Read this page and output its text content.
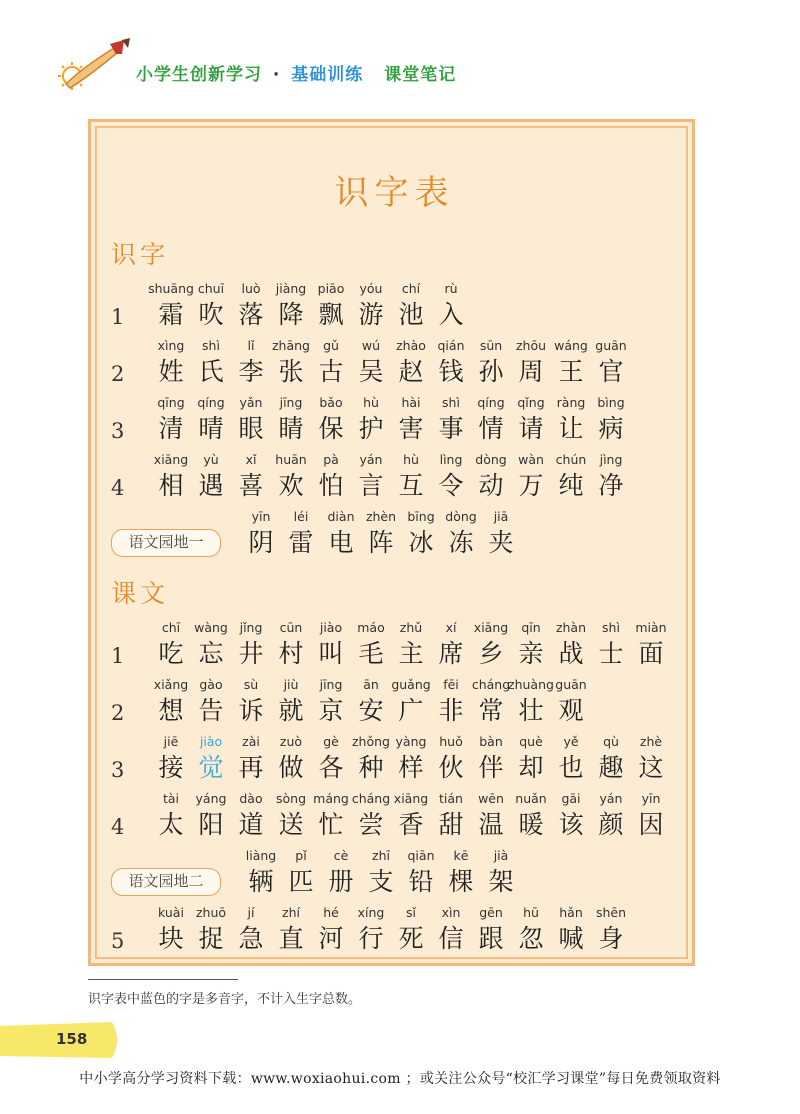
小学生创新学习 · 基础训练 课堂笔记
识字表
识字
1
shuāng
霜
chuī
吹
luò
落
jiàng
降
piāo
飘
yóu
游
chí
池
rù
入
2
xìng
姓
shì
氏
lǐ
李
zhāng
张
gǔ
古
wú
吴
zhào
赵
qián
钱
sūn
孙
zhōu
周
wáng
王
guān
官
3
qīng
清
qíng
晴
yǎn
眼
jīng
睛
bǎo
保
hù
护
hài
害
shì
事
qíng
情
qǐng
请
ràng
让
bìng
病
4
xiāng
相
yù
遇
xǐ
喜
huān
欢
pà
怕
yán
言
hù
互
lìng
令
dòng
动
wàn
万
chún
纯
jìng
净
语文园地一
yīn
阴
léi
雷
diàn
电
zhèn
阵
bīng
冰
dòng
冻
jiā
夹
课文
1
chī
吃
wàng
忘
jǐng
井
cūn
村
jiào
叫
máo
毛
zhǔ
主
xí
席
xiāng
乡
qīn
亲
zhàn
战
shì
士
miàn
面
2
xiǎng
想
gào
告
sù
诉
jiù
就
jīng
京
ān
安
guǎng
广
fēi
非
cháng
常
zhuàng
壮
guān
观
3
jiē
接
jiào
觉
zài
再
zuò
做
gè
各
zhǒng
种
yàng
样
huǒ
伙
bàn
伴
què
却
yě
也
qù
趣
zhè
这
4
tài
太
yáng
阳
dào
道
sòng
送
máng
忙
cháng
尝
xiāng
香
tián
甜
wēn
温
nuǎn
暖
gāi
该
yán
颜
yīn
因
语文园地二
liàng
辆
pǐ
匹
cè
册
zhī
支
qiān
铅
kē
棵
jià
架
5
kuài
块
zhuō
捉
jí
急
zhí
直
hé
河
xíng
行
sǐ
死
xìn
信
gēn
跟
hū
忽
hǎn
喊
shēn
身
识字表中蓝色的字是多音字，不计入生字总数。
158
中小学高分学习资料下载：www.woxiaohui.com ；或关注公众号“校汇学习课堂”每日免费领取资料
